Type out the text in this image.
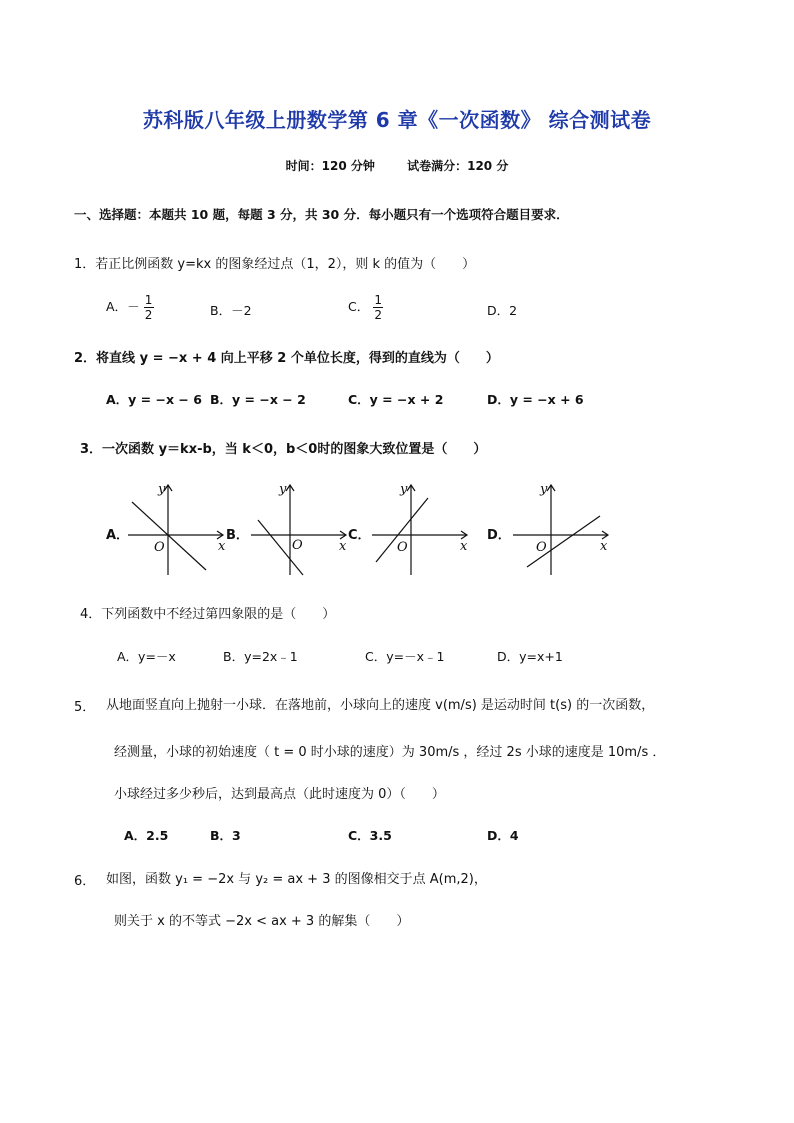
苏科版八年级上册数学第 6 章《一次函数》 综合测试卷
时间：120 分钟	试卷满分：120 分
一、选择题：本题共 10 题，每题 3 分，共 30 分．每小题只有一个选项符合题目要求．
1．若正比例函数 y=kx 的图象经过点（1，2），则 k 的值为（　　）
A．－ $\frac{1}{2}$	B．－2	C． $\frac{1}{2}$	D．2
2．将直线 y = −x + 4 向上平移 2 个单位长度，得到的直线为（　　）
A．y = −x − 6 B．y = −x − 2	C．y = −x + 2	D．y = −x + 6
3．一次函数 y＝kx-b，当 k＜0，b＜0时的图象大致位置是（　　）
A．
y
x
O
B．
y
x
O
C．
y
x
O
D．
y
x
O
4．下列函数中不经过第四象限的是（　　）
A．y=－x	B．y=2x﹣1	C．y=－x﹣1	D．y=x+1
5． 从地面竖直向上抛射一小球．在落地前，小球向上的速度 v(m/s) 是运动时间 t(s) 的一次函数，
经测量，小球的初始速度（ t = 0 时小球的速度）为 30m/s ，经过 2s 小球的速度是 10m/s ．
小球经过多少秒后，达到最高点（此时速度为 0）（　　）
A．2.5	B．3	C．3.5	D．4
6． 如图，函数 y₁ = −2x 与 y₂ = ax + 3 的图像相交于点 A(m,2)，
则关于 x 的不等式 −2x < ax + 3 的解集（　　）
